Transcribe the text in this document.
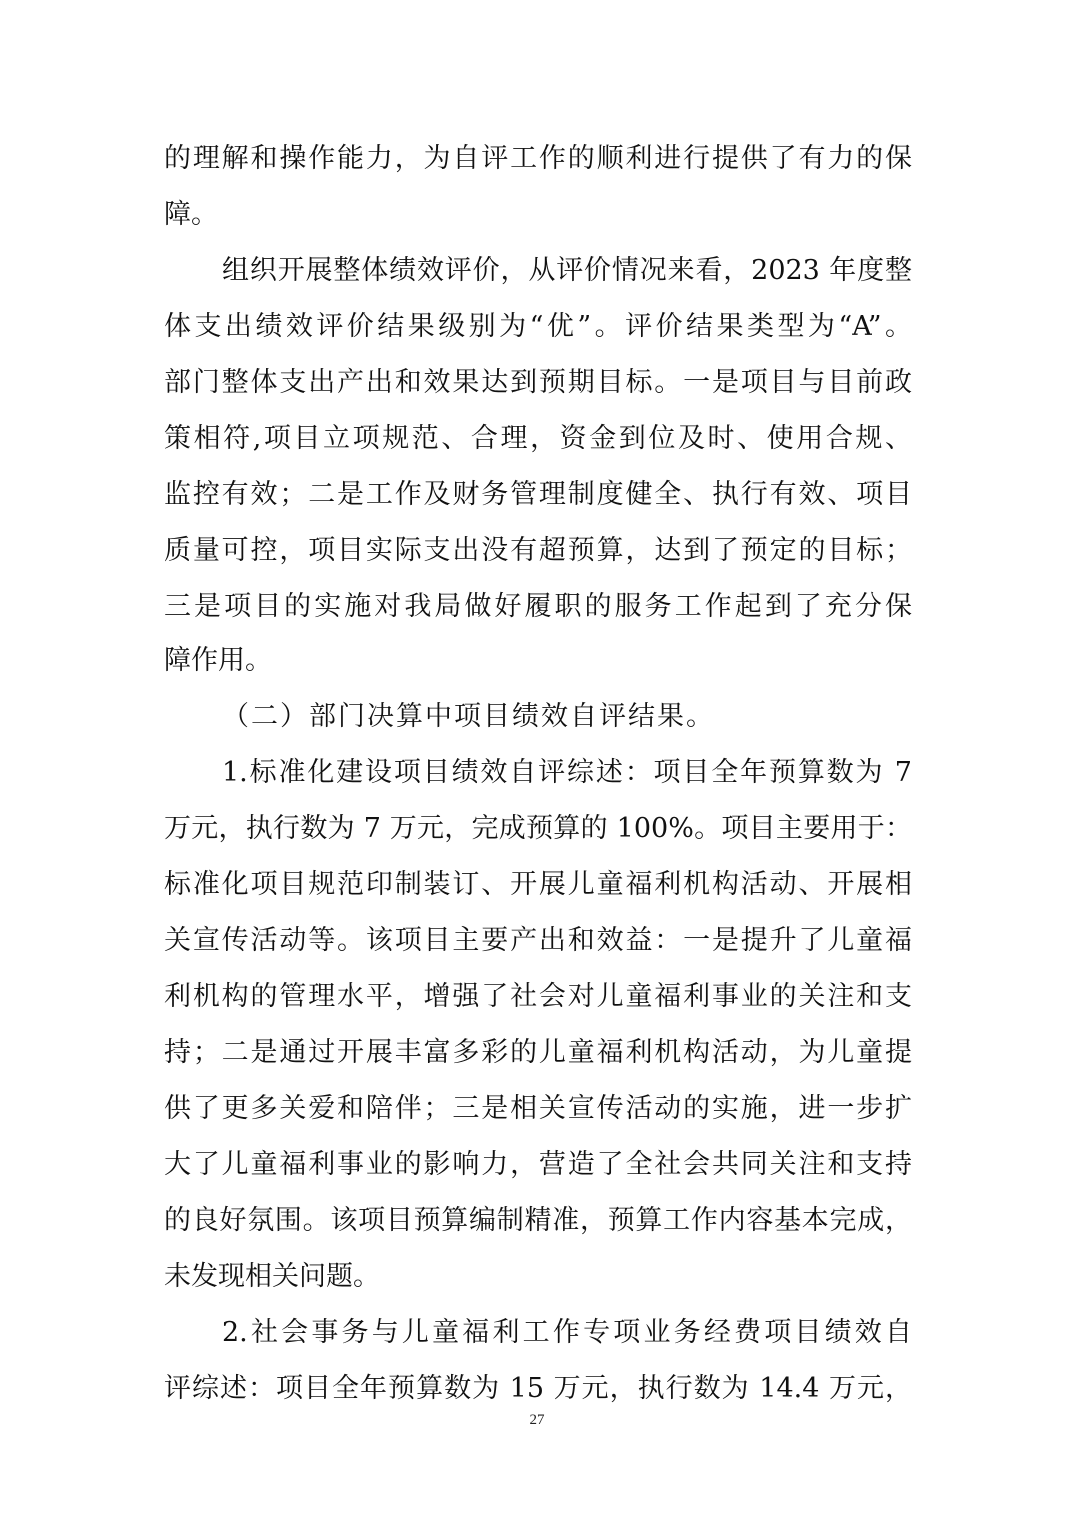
的理解和操作能力，为自评工作的顺利进行提供了有力的保
障。
组织开展整体绩效评价，从评价情况来看，2023 年度整
体支出绩效评价结果级别为“优”。评价结果类型为“A”。
部门整体支出产出和效果达到预期目标。一是项目与目前政
策相符,项目立项规范、合理，资金到位及时、使用合规、
监控有效；二是工作及财务管理制度健全、执行有效、项目
质量可控，项目实际支出没有超预算，达到了预定的目标；
三是项目的实施对我局做好履职的服务工作起到了充分保
障作用。
（二）部门决算中项目绩效自评结果。
1.标准化建设项目绩效自评综述：项目全年预算数为 7
万元，执行数为 7 万元，完成预算的 100%。项目主要用于：
标准化项目规范印制装订、开展儿童福利机构活动、开展相
关宣传活动等。该项目主要产出和效益：一是提升了儿童福
利机构的管理水平，增强了社会对儿童福利事业的关注和支
持；二是通过开展丰富多彩的儿童福利机构活动，为儿童提
供了更多关爱和陪伴；三是相关宣传活动的实施，进一步扩
大了儿童福利事业的影响力，营造了全社会共同关注和支持
的良好氛围。该项目预算编制精准，预算工作内容基本完成，
未发现相关问题。
2.社会事务与儿童福利工作专项业务经费项目绩效自
评综述：项目全年预算数为 15 万元，执行数为 14.4 万元，
27
